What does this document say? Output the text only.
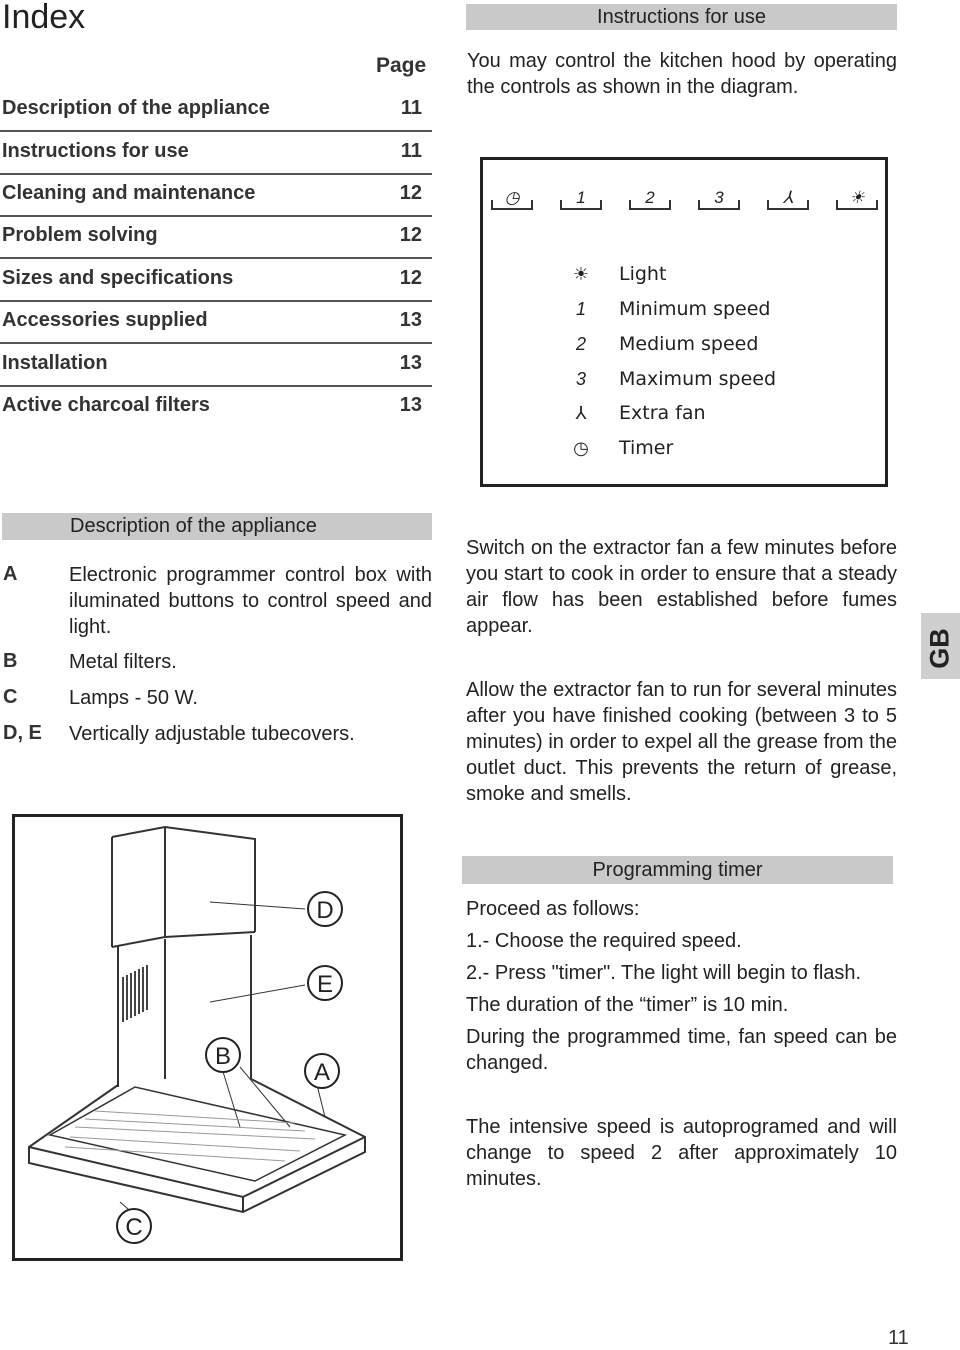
Index
Page
Description of the appliance	11
Instructions for use	11
Cleaning and maintenance	12
Problem solving	12
Sizes and specifications	12
Accessories supplied	13
Installation	13
Active charcoal filters	13
Instructions for use
You may control the kitchen hood by operating the controls as shown in the diagram.
◷	1	2	3	⅄	☀
☀ Light
1 Minimum speed
2 Medium speed
3 Maximum speed
⅄ Extra fan
◷ Timer
Description of the appliance
A	Electronic programmer control box with iluminated buttons to control speed and light.
B	Metal filters.
C	Lamps - 50 W.
D, E Vertically adjustable tubecovers.
Switch on the extractor fan a few minutes before you start to cook in order to ensure that a steady air flow has been established before fumes appear.
Allow the extractor fan to run for several minutes after you have finished cooking (between 3 to 5 minutes) in order to expel all the grease from the outlet duct. This prevents the return of grease, smoke and smells.
GB
D
E
B
A
C
Programming timer
Proceed as follows:
1.- Choose the required speed.
2.- Press "timer". The light will begin to flash.
The duration of the “timer” is 10 min.
During the programmed time, fan speed can be changed.
The intensive speed is autoprogramed and will change to speed 2 after approximately 10 minutes.
11
